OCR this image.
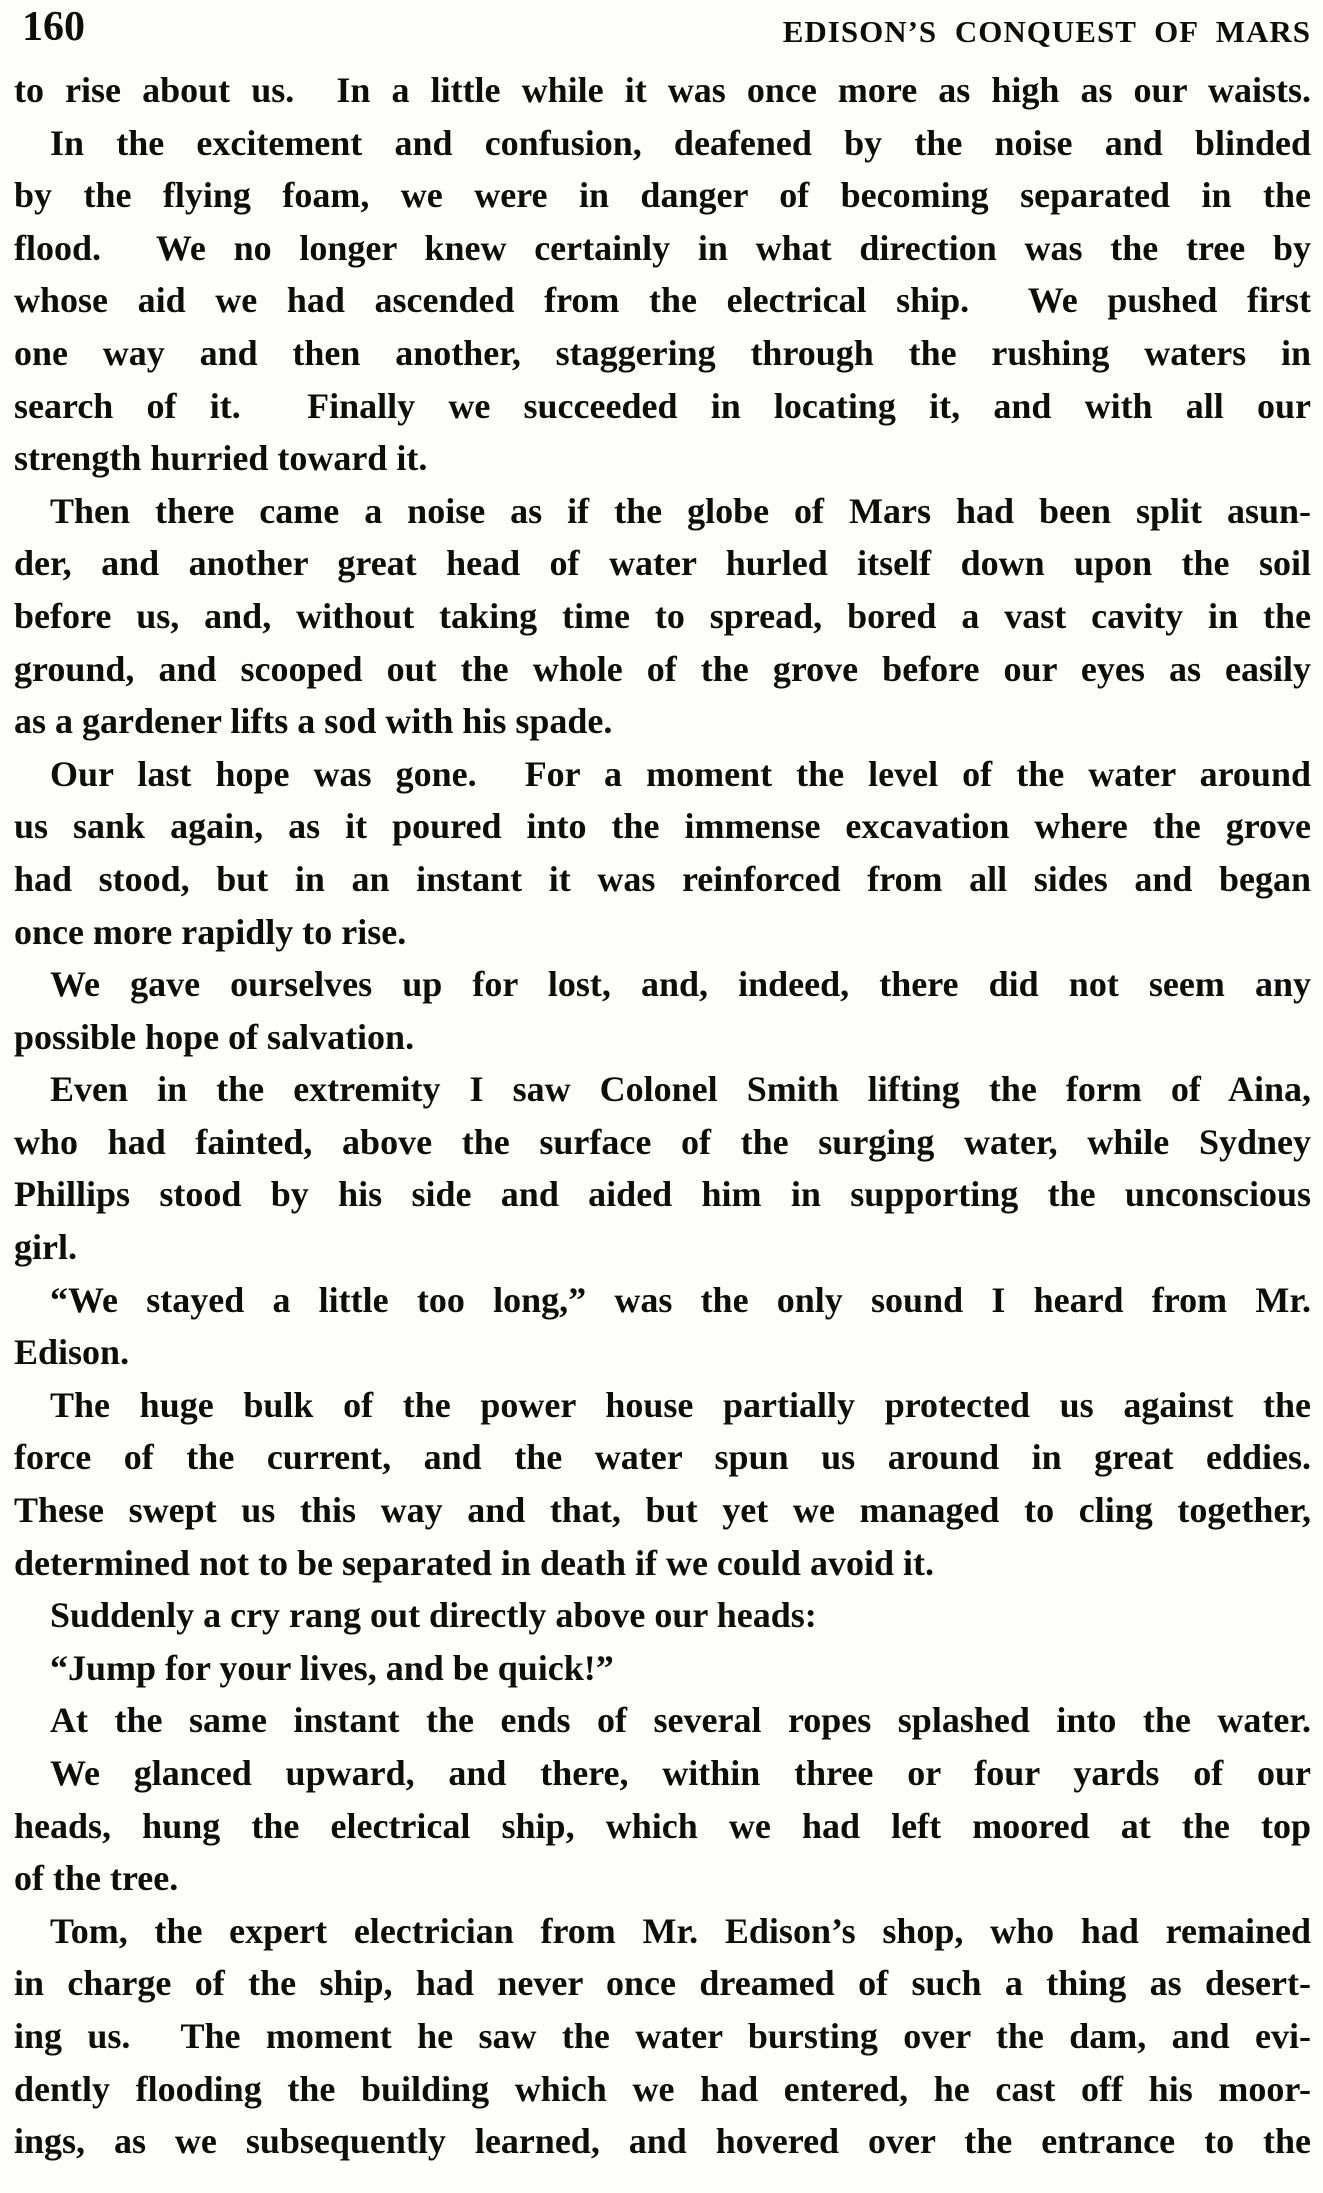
160	EDISON’S CONQUEST OF MARS
to rise about us.  In a little while it was once more as high as our waists.
In the excitement and confusion, deafened by the noise and blinded
by the flying foam, we were in danger of becoming separated in the
flood.  We no longer knew certainly in what direction was the tree by
whose aid we had ascended from the electrical ship.  We pushed first
one way and then another, staggering through the rushing waters in
search of it.  Finally we succeeded in locating it, and with all our
strength hurried toward it.
Then there came a noise as if the globe of Mars had been split asun-
der, and another great head of water hurled itself down upon the soil
before us, and, without taking time to spread, bored a vast cavity in the
ground, and scooped out the whole of the grove before our eyes as easily
as a gardener lifts a sod with his spade.
Our last hope was gone.  For a moment the level of the water around
us sank again, as it poured into the immense excavation where the grove
had stood, but in an instant it was reinforced from all sides and began
once more rapidly to rise.
We gave ourselves up for lost, and, indeed, there did not seem any
possible hope of salvation.
Even in the extremity I saw Colonel Smith lifting the form of Aina,
who had fainted, above the surface of the surging water, while Sydney
Phillips stood by his side and aided him in supporting the unconscious
girl.
“We stayed a little too long,” was the only sound I heard from Mr.
Edison.
The huge bulk of the power house partially protected us against the
force of the current, and the water spun us around in great eddies.
These swept us this way and that, but yet we managed to cling together,
determined not to be separated in death if we could avoid it.
Suddenly a cry rang out directly above our heads:
“Jump for your lives, and be quick!”
At the same instant the ends of several ropes splashed into the water.
We glanced upward, and there, within three or four yards of our
heads, hung the electrical ship, which we had left moored at the top
of the tree.
Tom, the expert electrician from Mr. Edison’s shop, who had remained
in charge of the ship, had never once dreamed of such a thing as desert-
ing us.  The moment he saw the water bursting over the dam, and evi-
dently flooding the building which we had entered, he cast off his moor-
ings, as we subsequently learned, and hovered over the entrance to the
